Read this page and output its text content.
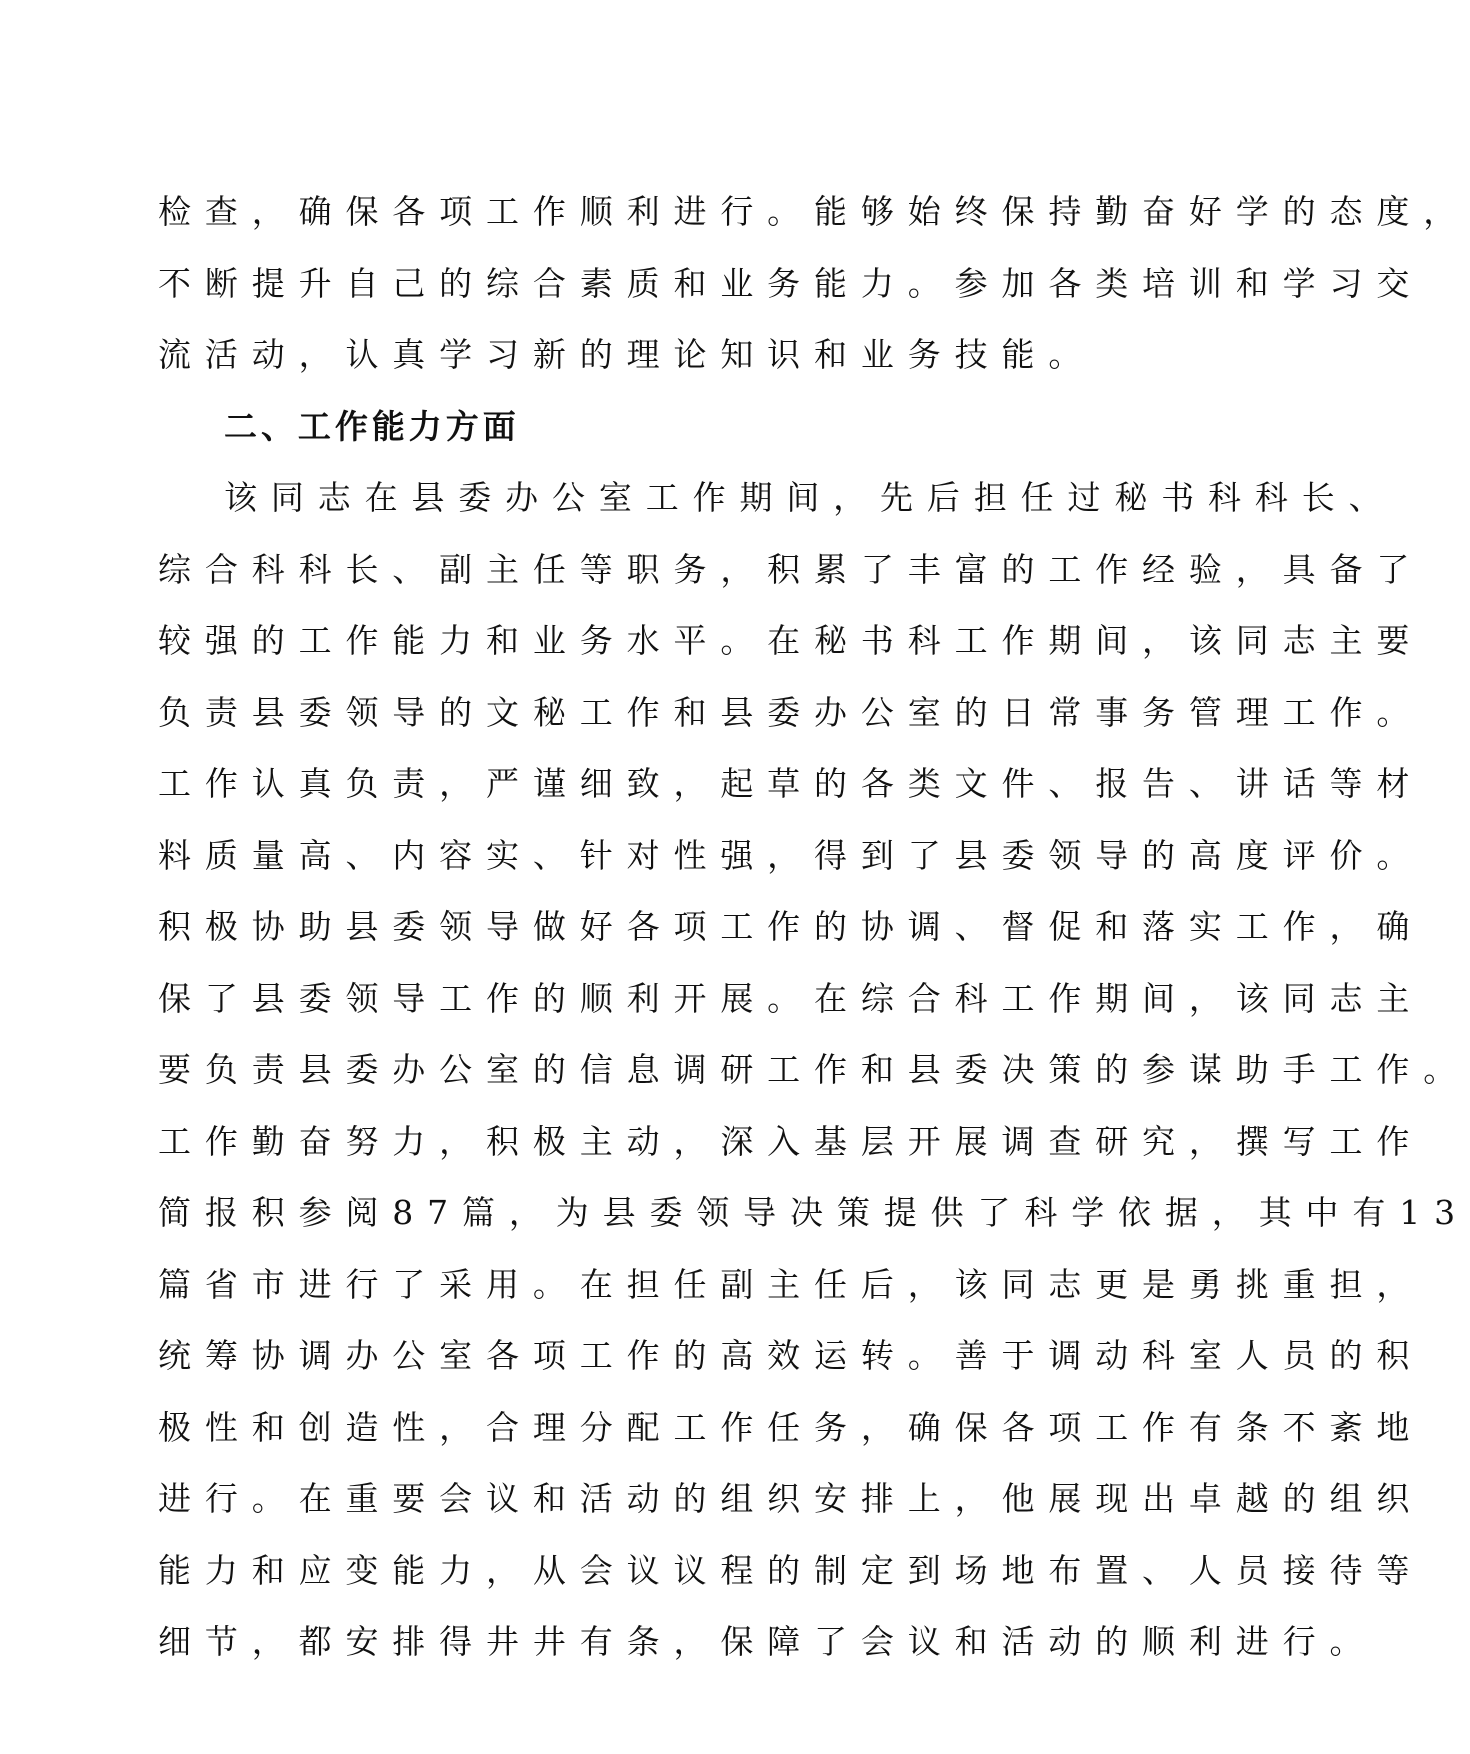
检查，确保各项工作顺利进行。能够始终保持勤奋好学的态度，
不断提升自己的综合素质和业务能力。参加各类培训和学习交
流活动，认真学习新的理论知识和业务技能。
二、工作能力方面
该同志在县委办公室工作期间，先后担任过秘书科科长、
综合科科长、副主任等职务，积累了丰富的工作经验，具备了
较强的工作能力和业务水平。在秘书科工作期间，该同志主要
负责县委领导的文秘工作和县委办公室的日常事务管理工作。
工作认真负责，严谨细致，起草的各类文件、报告、讲话等材
料质量高、内容实、针对性强，得到了县委领导的高度评价。
积极协助县委领导做好各项工作的协调、督促和落实工作，确
保了县委领导工作的顺利开展。在综合科工作期间，该同志主
要负责县委办公室的信息调研工作和县委决策的参谋助手工作。
工作勤奋努力，积极主动，深入基层开展调查研究，撰写工作
简报积参阅87篇，为县委领导决策提供了科学依据，其中有13
篇省市进行了采用。在担任副主任后，该同志更是勇挑重担，
统筹协调办公室各项工作的高效运转。善于调动科室人员的积
极性和创造性，合理分配工作任务，确保各项工作有条不紊地
进行。在重要会议和活动的组织安排上，他展现出卓越的组织
能力和应变能力，从会议议程的制定到场地布置、人员接待等
细节，都安排得井井有条，保障了会议和活动的顺利进行。
